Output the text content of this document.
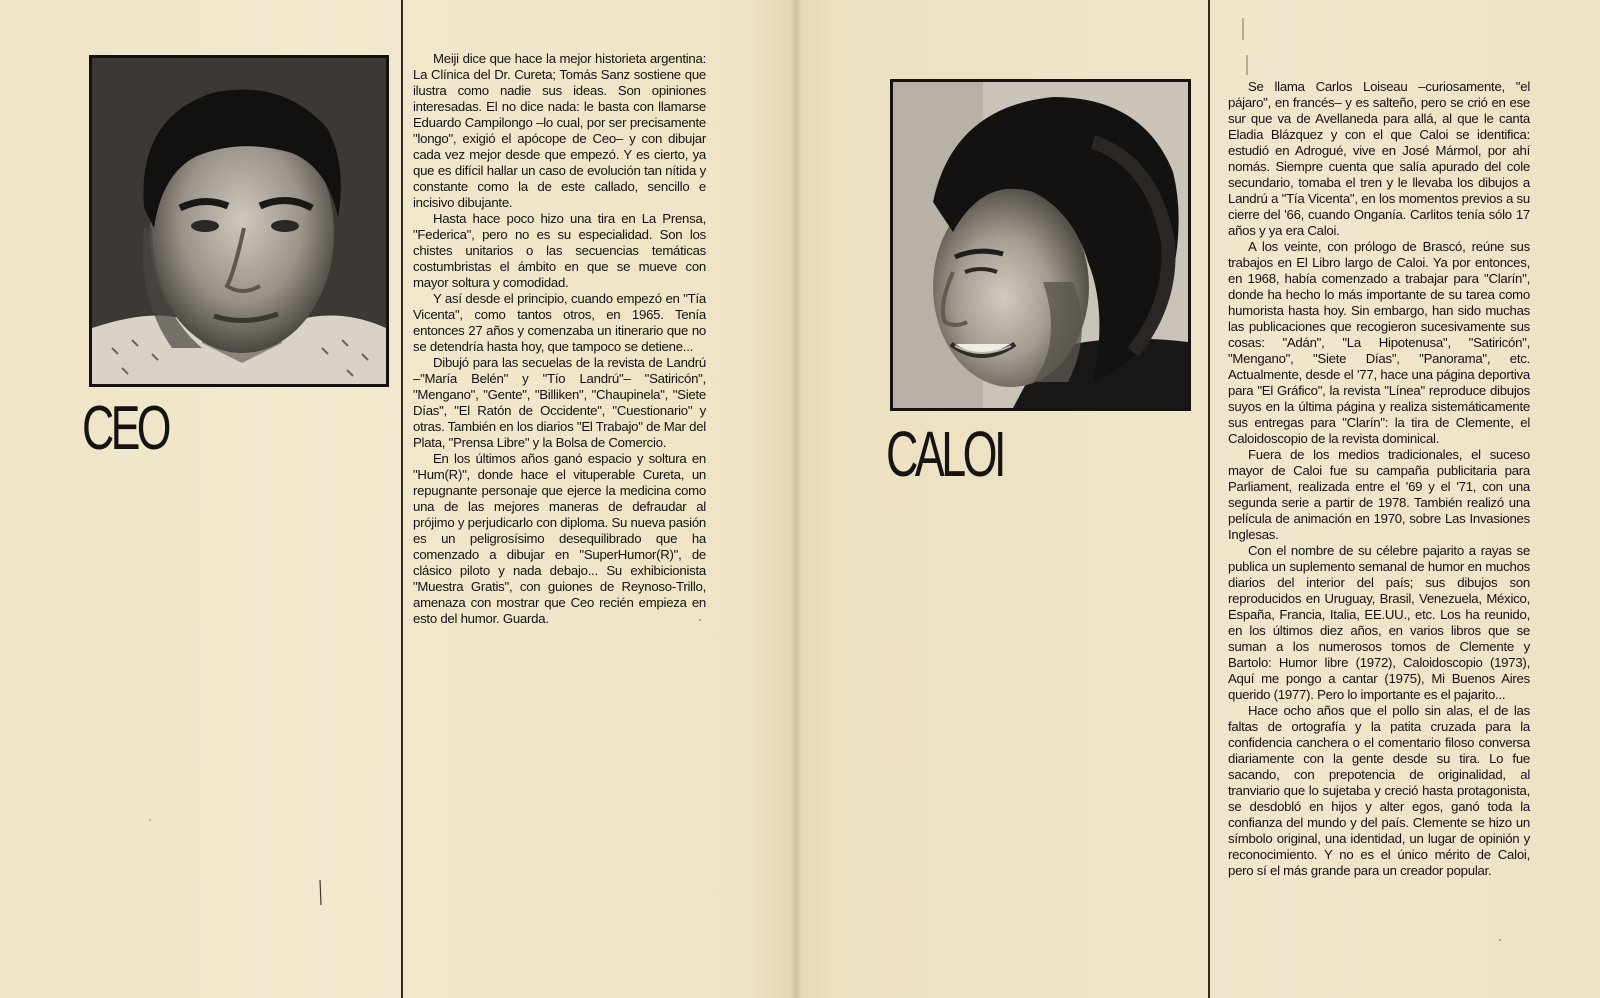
CEO

Meiji dice que hace la mejor historieta argentina: La Clínica del Dr. Cureta; Tomás Sanz sostiene que ilustra como nadie sus ideas. Son opiniones interesadas. El no dice nada: le basta con llamarse Eduardo Campilongo –lo cual, por ser precisamente "longo", exigió el apócope de Ceo– y con dibujar cada vez mejor desde que empezó. Y es cierto, ya que es difícil hallar un caso de evolución tan nítida y constante como la de este callado, sencillo e incisivo dibujante.

Hasta hace poco hizo una tira en La Prensa, "Federica", pero no es su especialidad. Son los chistes unitarios o las secuencias temáticas costumbristas el ámbito en que se mueve con mayor soltura y comodidad.

Y así desde el principio, cuando empezó en "Tía Vicenta", como tantos otros, en 1965. Tenía entonces 27 años y comenzaba un itinerario que no se detendría hasta hoy, que tampoco se detiene...

Dibujó para las secuelas de la revista de Landrú –"María Belén" y "Tío Landrú"– "Satiricón", "Mengano", "Gente", "Billiken", "Chaupinela", "Siete Días", "El Ratón de Occidente", "Cuestionario" y otras. También en los diarios "El Trabajo" de Mar del Plata, "Prensa Libre" y la Bolsa de Comercio.

En los últimos años ganó espacio y soltura en "Hum(R)", donde hace el vituperable Cureta, un repugnante personaje que ejerce la medicina como una de las mejores maneras de defraudar al prójimo y perjudicarlo con diploma. Su nueva pasión es un peligrosísimo desequilibrado que ha comenzado a dibujar en "SuperHumor(R)", de clásico piloto y nada debajo... Su exhibicionista "Muestra Gratis", con guiones de Reynoso-Trillo, amenaza con mostrar que Ceo recién empieza en esto del humor. Guarda.

CALOI

Se llama Carlos Loiseau –curiosamente, "el pájaro", en francés– y es salteño, pero se crió en ese sur que va de Avellaneda para allá, al que le canta Eladia Blázquez y con el que Caloi se identifica: estudió en Adrogué, vive en José Mármol, por ahí nomás. Siempre cuenta que salía apurado del cole secundario, tomaba el tren y le llevaba los dibujos a Landrú a "Tía Vicenta", en los momentos previos a su cierre del '66, cuando Onganía. Carlitos tenía sólo 17 años y ya era Caloi.

A los veinte, con prólogo de Brascó, reúne sus trabajos en El Libro largo de Caloi. Ya por entonces, en 1968, había comenzado a trabajar para "Clarín", donde ha hecho lo más importante de su tarea como humorista hasta hoy. Sin embargo, han sido muchas las publicaciones que recogieron sucesivamente sus cosas: "Adán", "La Hipotenusa", "Satiricón", "Mengano", "Siete Días", "Panorama", etc. Actualmente, desde el '77, hace una página deportiva para "El Gráfico", la revista "Línea" reproduce dibujos suyos en la última página y realiza sistemáticamente sus entregas para "Clarín": la tira de Clemente, el Caloidoscopio de la revista dominical.

Fuera de los medios tradicionales, el suceso mayor de Caloi fue su campaña publicitaria para Parliament, realizada entre el '69 y el '71, con una segunda serie a partir de 1978. También realizó una película de animación en 1970, sobre Las Invasiones Inglesas.

Con el nombre de su célebre pajarito a rayas se publica un suplemento semanal de humor en muchos diarios del interior del país; sus dibujos son reproducidos en Uruguay, Brasil, Venezuela, México, España, Francia, Italia, EE.UU., etc. Los ha reunido, en los últimos diez años, en varios libros que se suman a los numerosos tomos de Clemente y Bartolo: Humor libre (1972), Caloidoscopio (1973), Aquí me pongo a cantar (1975), Mi Buenos Aires querido (1977). Pero lo importante es el pajarito...

Hace ocho años que el pollo sin alas, el de las faltas de ortografía y la patita cruzada para la confidencia canchera o el comentario filoso conversa diariamente con la gente desde su tira. Lo fue sacando, con prepotencia de originalidad, al tranviario que lo sujetaba y creció hasta protagonista, se desdobló en hijos y alter egos, ganó toda la confianza del mundo y del país. Clemente se hizo un símbolo original, una identidad, un lugar de opinión y reconocimiento. Y no es el único mérito de Caloi, pero sí el más grande para un creador popular.
